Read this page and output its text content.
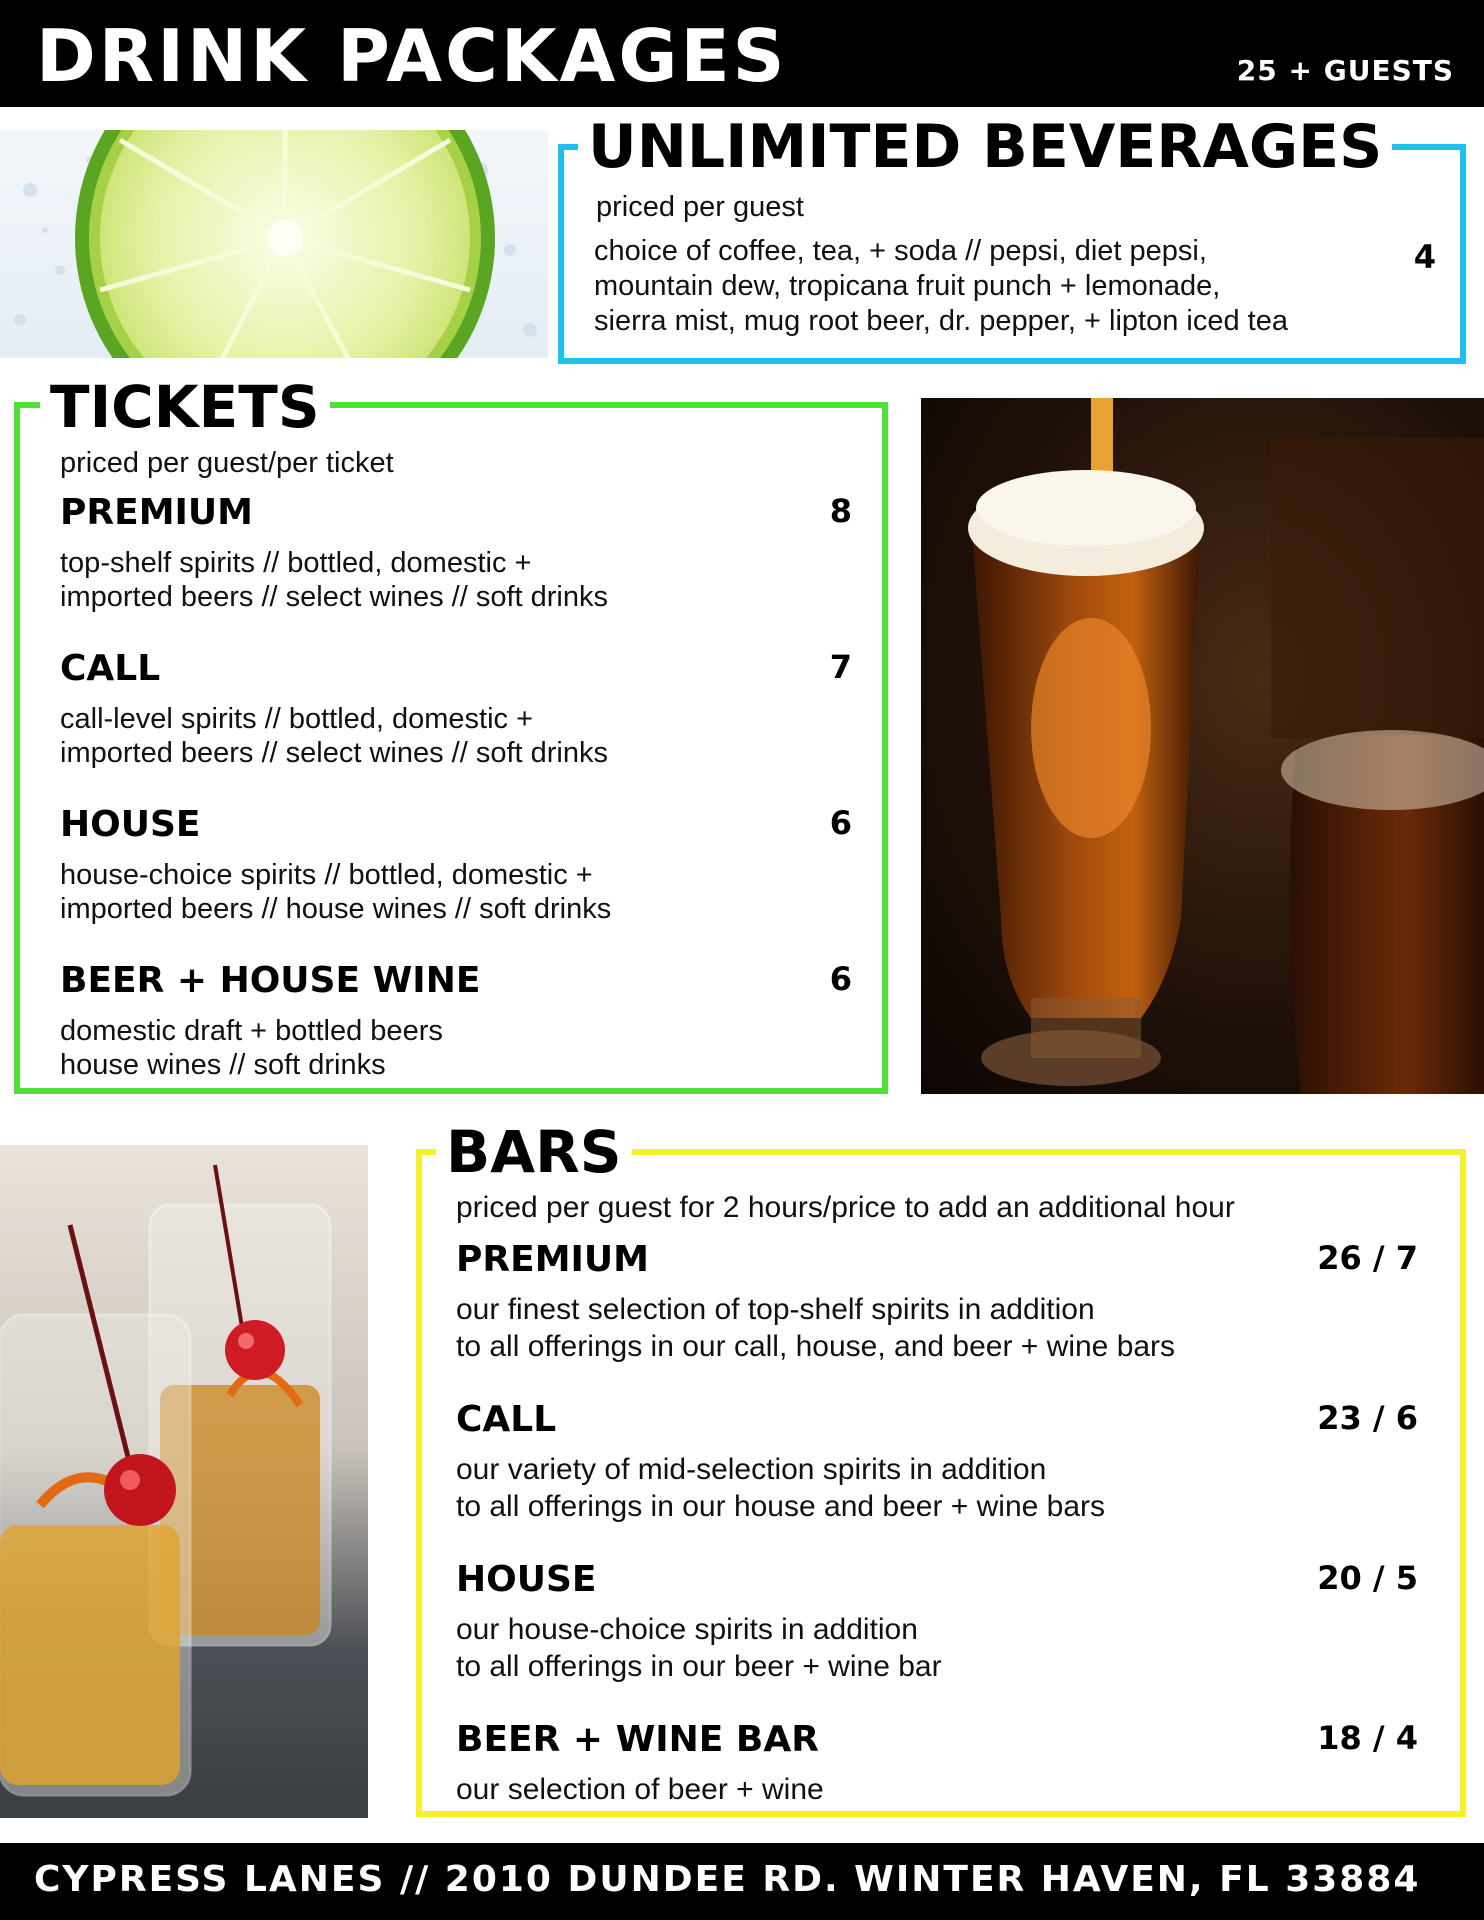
DRINK PACKAGES	25 + GUESTS
UNLIMITED BEVERAGES
priced per guest
choice of coffee, tea, + soda // pepsi, diet pepsi,
mountain dew, tropicana fruit punch + lemonade,
sierra mist, mug root beer, dr. pepper, + lipton iced tea
4
TICKETS
priced per guest/per ticket
PREMIUM	8
top-shelf spirits // bottled, domestic +
imported beers // select wines // soft drinks
CALL	7
call-level spirits // bottled, domestic +
imported beers // select wines // soft drinks
HOUSE	6
house-choice spirits // bottled, domestic +
imported beers // house wines // soft drinks
BEER + HOUSE WINE	6
domestic draft + bottled beers
house wines // soft drinks
BARS
priced per guest for 2 hours/price to add an additional hour
PREMIUM	26 / 7
our finest selection of top-shelf spirits in addition
to all offerings in our call, house, and beer + wine bars
CALL	23 / 6
our variety of mid-selection spirits in addition
to all offerings in our house and beer + wine bars
HOUSE	20 / 5
our house-choice spirits in addition
to all offerings in our beer + wine bar
BEER + WINE BAR	18 / 4
our selection of beer + wine
CYPRESS LANES // 2010 DUNDEE RD. WINTER HAVEN, FL 33884
